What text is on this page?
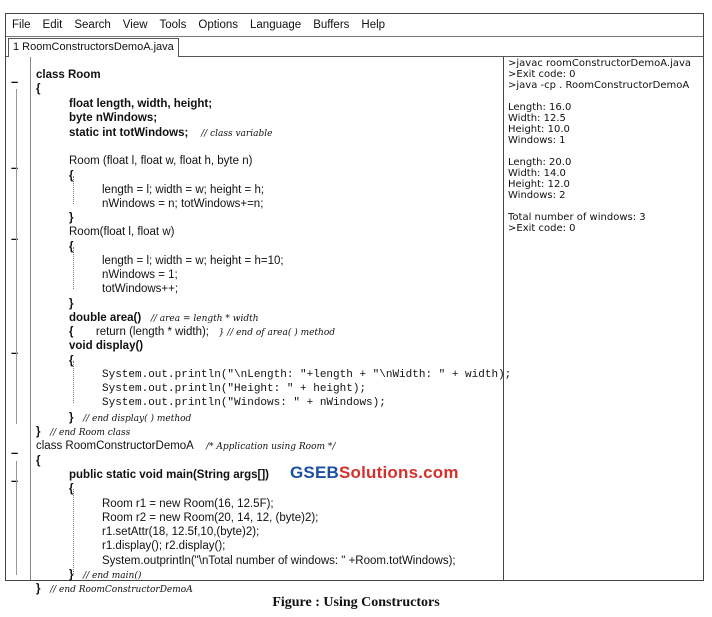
File	Edit	Search	View	Tools	Options	Language	Buffers	Help
1 RoomConstructorsDemoA.java
–
–
–
–
–
–
class Room
{
float length, width, height;
byte nWindows;
static int totWindows; // class variable
Room (float l, float w, float h, byte n)
{
length = l; width = w; height = h;
nWindows = n; totWindows+=n;
}
Room(float l, float w)
{
length = l; width = w; height = h=10;
nWindows = 1;
totWindows++;
}
double area() // area = length * width
{ return (length * width); } // end of area( ) method
void display()
{
System.out.println("\nLength: "+length + "\nWidth: " + width);
System.out.println("Height: " + height);
System.out.println("Windows: " + nWindows);
} // end display( ) method
} // end Room class
class RoomConstructorDemoA /* Application using Room */
{
public static void main(String args[])
{
Room r1 = new Room(16, 12.5F);
Room r2 = new Room(20, 14, 12, (byte)2);
r1.setAttr(18, 12.5f,10,(byte)2);
r1.display(); r2.display();
System.outprintln("\nTotal number of windows: " +Room.totWindows);
} // end main()
} // end RoomConstructorDemoA
>javac roomConstructorDemoA.java
>Exit code: 0
>java -cp . RoomConstructorDemoA
Length: 16.0
Width: 12.5
Height: 10.0
Windows: 1
Length: 20.0
Width: 14.0
Height: 12.0
Windows: 2
Total number of windows: 3
>Exit code: 0
GSEBSolutions.com
Figure : Using Constructors
